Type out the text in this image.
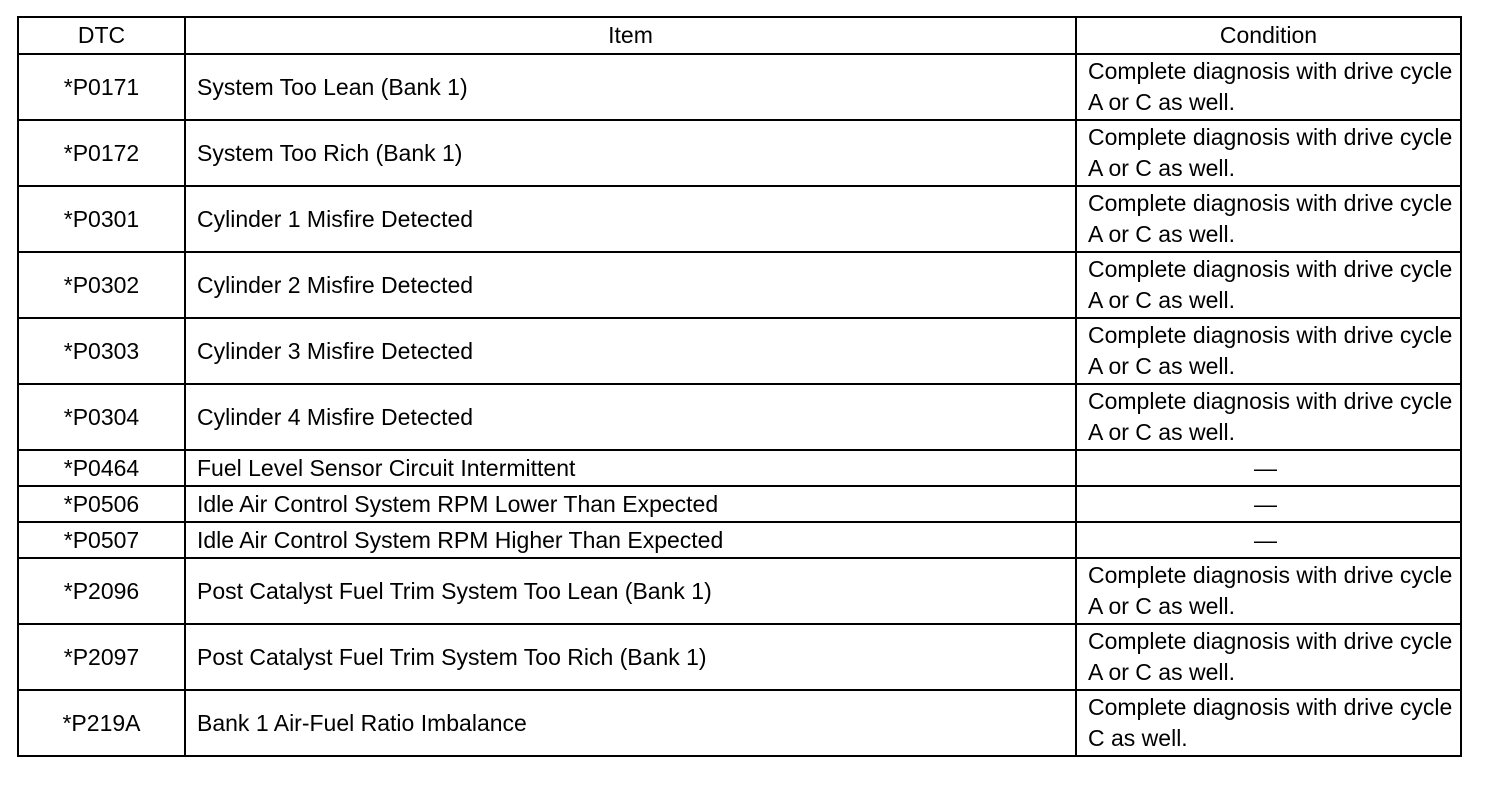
DTC	Item	Condition
*P0171	System Too Lean (Bank 1)	Complete diagnosis with drive cycle A or C as well.
*P0172	System Too Rich (Bank 1)	Complete diagnosis with drive cycle A or C as well.
*P0301	Cylinder 1 Misfire Detected	Complete diagnosis with drive cycle A or C as well.
*P0302	Cylinder 2 Misfire Detected	Complete diagnosis with drive cycle A or C as well.
*P0303	Cylinder 3 Misfire Detected	Complete diagnosis with drive cycle A or C as well.
*P0304	Cylinder 4 Misfire Detected	Complete diagnosis with drive cycle A or C as well.
*P0464	Fuel Level Sensor Circuit Intermittent	—
*P0506	Idle Air Control System RPM Lower Than Expected	—
*P0507	Idle Air Control System RPM Higher Than Expected	—
*P2096	Post Catalyst Fuel Trim System Too Lean (Bank 1)	Complete diagnosis with drive cycle A or C as well.
*P2097	Post Catalyst Fuel Trim System Too Rich (Bank 1)	Complete diagnosis with drive cycle A or C as well.
*P219A	Bank 1 Air-Fuel Ratio Imbalance	Complete diagnosis with drive cycle C as well.
